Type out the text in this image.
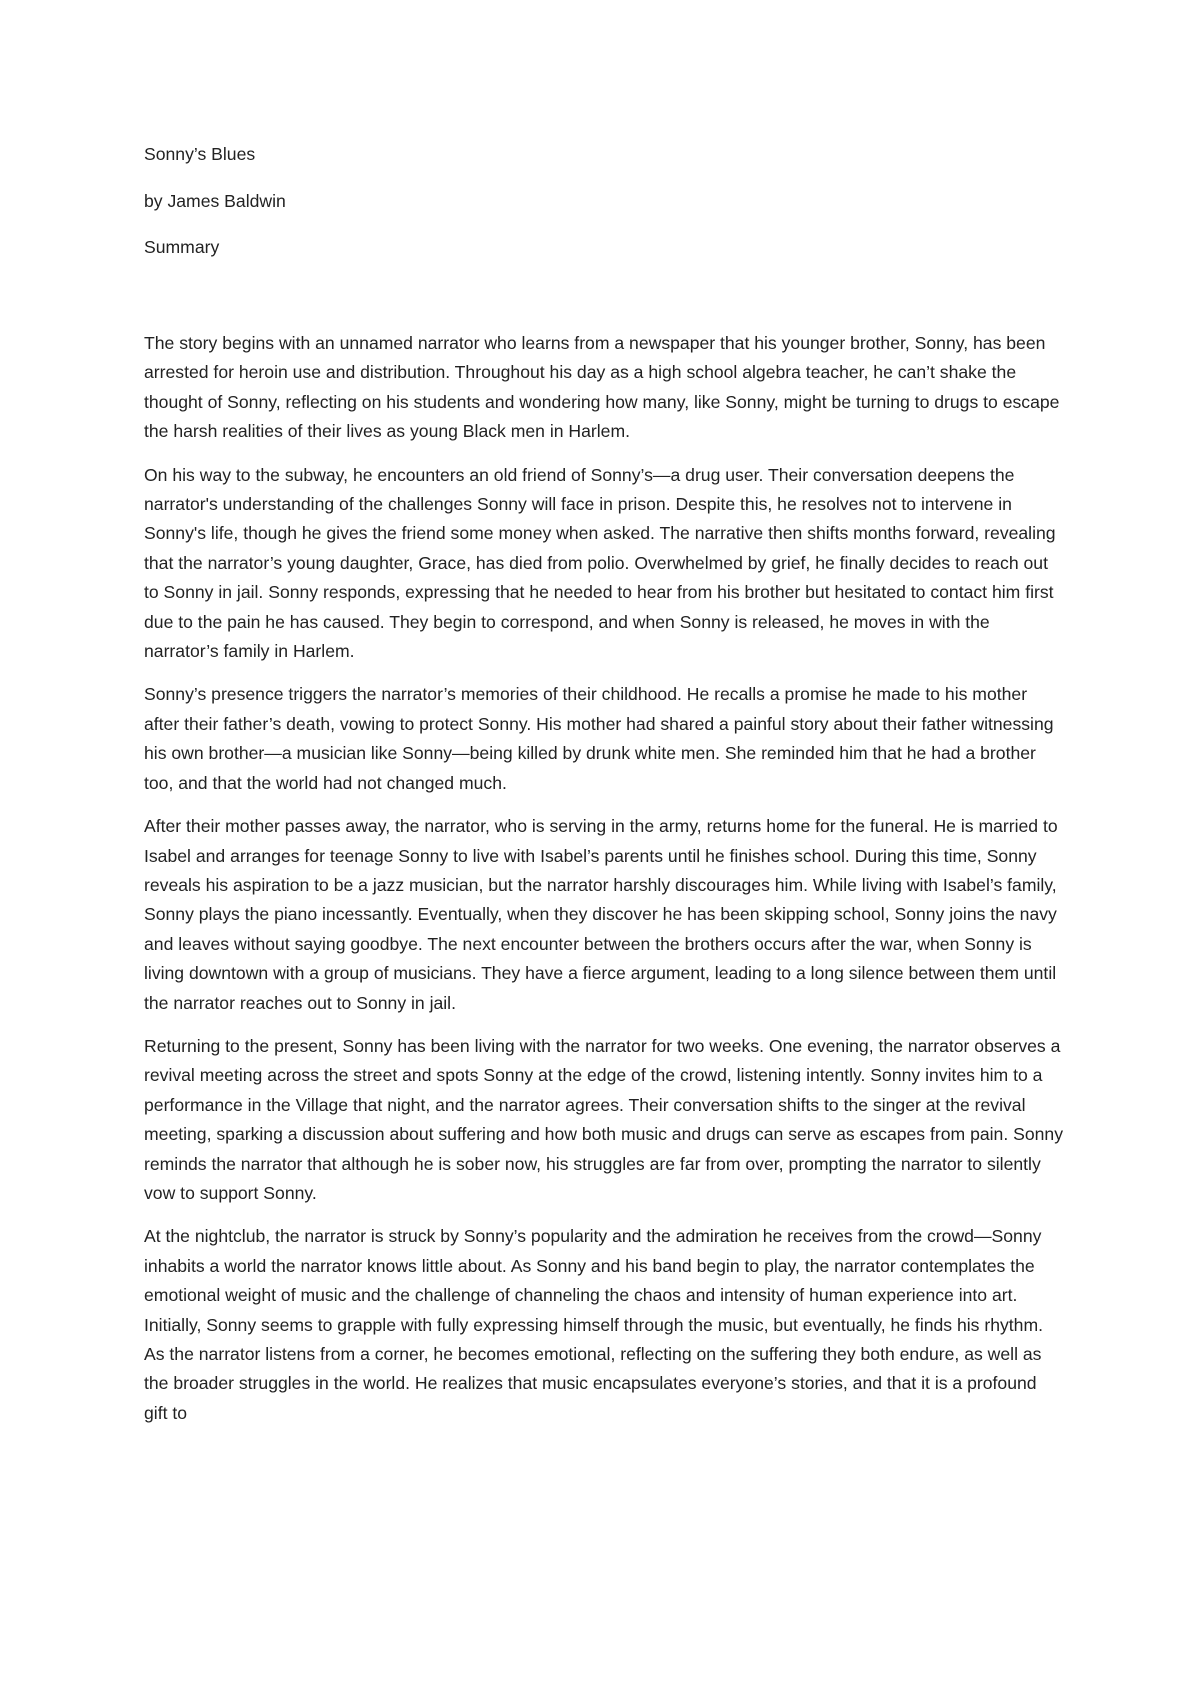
Sonny’s Blues

by James Baldwin

Summary

The story begins with an unnamed narrator who learns from a newspaper that his younger brother, Sonny, has been arrested for heroin use and distribution. Throughout his day as a high school algebra teacher, he can’t shake the thought of Sonny, reflecting on his students and wondering how many, like Sonny, might be turning to drugs to escape the harsh realities of their lives as young Black men in Harlem.

On his way to the subway, he encounters an old friend of Sonny’s—a drug user. Their conversation deepens the narrator's understanding of the challenges Sonny will face in prison. Despite this, he resolves not to intervene in Sonny's life, though he gives the friend some money when asked. The narrative then shifts months forward, revealing that the narrator’s young daughter, Grace, has died from polio. Overwhelmed by grief, he finally decides to reach out to Sonny in jail. Sonny responds, expressing that he needed to hear from his brother but hesitated to contact him first due to the pain he has caused. They begin to correspond, and when Sonny is released, he moves in with the narrator’s family in Harlem.

Sonny’s presence triggers the narrator’s memories of their childhood. He recalls a promise he made to his mother after their father’s death, vowing to protect Sonny. His mother had shared a painful story about their father witnessing his own brother—a musician like Sonny—being killed by drunk white men. She reminded him that he had a brother too, and that the world had not changed much.

After their mother passes away, the narrator, who is serving in the army, returns home for the funeral. He is married to Isabel and arranges for teenage Sonny to live with Isabel’s parents until he finishes school. During this time, Sonny reveals his aspiration to be a jazz musician, but the narrator harshly discourages him. While living with Isabel’s family, Sonny plays the piano incessantly. Eventually, when they discover he has been skipping school, Sonny joins the navy and leaves without saying goodbye. The next encounter between the brothers occurs after the war, when Sonny is living downtown with a group of musicians. They have a fierce argument, leading to a long silence between them until the narrator reaches out to Sonny in jail.

Returning to the present, Sonny has been living with the narrator for two weeks. One evening, the narrator observes a revival meeting across the street and spots Sonny at the edge of the crowd, listening intently. Sonny invites him to a performance in the Village that night, and the narrator agrees. Their conversation shifts to the singer at the revival meeting, sparking a discussion about suffering and how both music and drugs can serve as escapes from pain. Sonny reminds the narrator that although he is sober now, his struggles are far from over, prompting the narrator to silently vow to support Sonny.

At the nightclub, the narrator is struck by Sonny’s popularity and the admiration he receives from the crowd—Sonny inhabits a world the narrator knows little about. As Sonny and his band begin to play, the narrator contemplates the emotional weight of music and the challenge of channeling the chaos and intensity of human experience into art. Initially, Sonny seems to grapple with fully expressing himself through the music, but eventually, he finds his rhythm. As the narrator listens from a corner, he becomes emotional, reflecting on the suffering they both endure, as well as the broader struggles in the world. He realizes that music encapsulates everyone’s stories, and that it is a profound gift to
